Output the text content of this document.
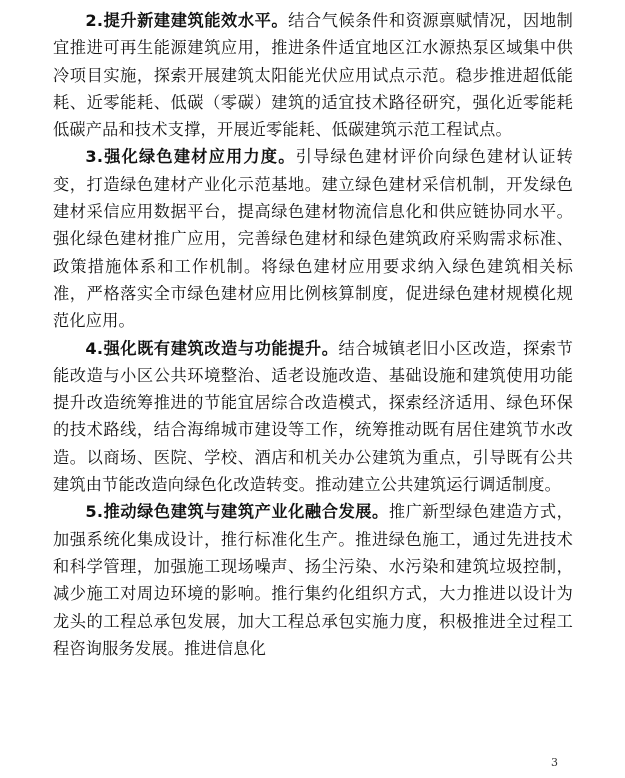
2.提升新建建筑能效水平。结合气候条件和资源禀赋情况，因地制宜推进可再生能源建筑应用，推进条件适宜地区江水源热泵区域集中供冷项目实施，探索开展建筑太阳能光伏应用试点示范。稳步推进超低能耗、近零能耗、低碳（零碳）建筑的适宜技术路径研究，强化近零能耗低碳产品和技术支撑，开展近零能耗、低碳建筑示范工程试点。

3.强化绿色建材应用力度。引导绿色建材评价向绿色建材认证转变，打造绿色建材产业化示范基地。建立绿色建材采信机制，开发绿色建材采信应用数据平台，提高绿色建材物流信息化和供应链协同水平。强化绿色建材推广应用，完善绿色建材和绿色建筑政府采购需求标准、政策措施体系和工作机制。将绿色建材应用要求纳入绿色建筑相关标准，严格落实全市绿色建材应用比例核算制度，促进绿色建材规模化规范化应用。

4.强化既有建筑改造与功能提升。结合城镇老旧小区改造，探索节能改造与小区公共环境整治、适老设施改造、基础设施和建筑使用功能提升改造统筹推进的节能宜居综合改造模式，探索经济适用、绿色环保的技术路线，结合海绵城市建设等工作，统筹推动既有居住建筑节水改造。以商场、医院、学校、酒店和机关办公建筑为重点，引导既有公共建筑由节能改造向绿色化改造转变。推动建立公共建筑运行调适制度。

5.推动绿色建筑与建筑产业化融合发展。推广新型绿色建造方式，加强系统化集成设计，推行标准化生产。推进绿色施工，通过先进技术和科学管理，加强施工现场噪声、扬尘污染、水污染和建筑垃圾控制，减少施工对周边环境的影响。推行集约化组织方式，大力推进以设计为龙头的工程总承包发展，加大工程总承包实施力度，积极推进全过程工程咨询服务发展。推进信息化

3
